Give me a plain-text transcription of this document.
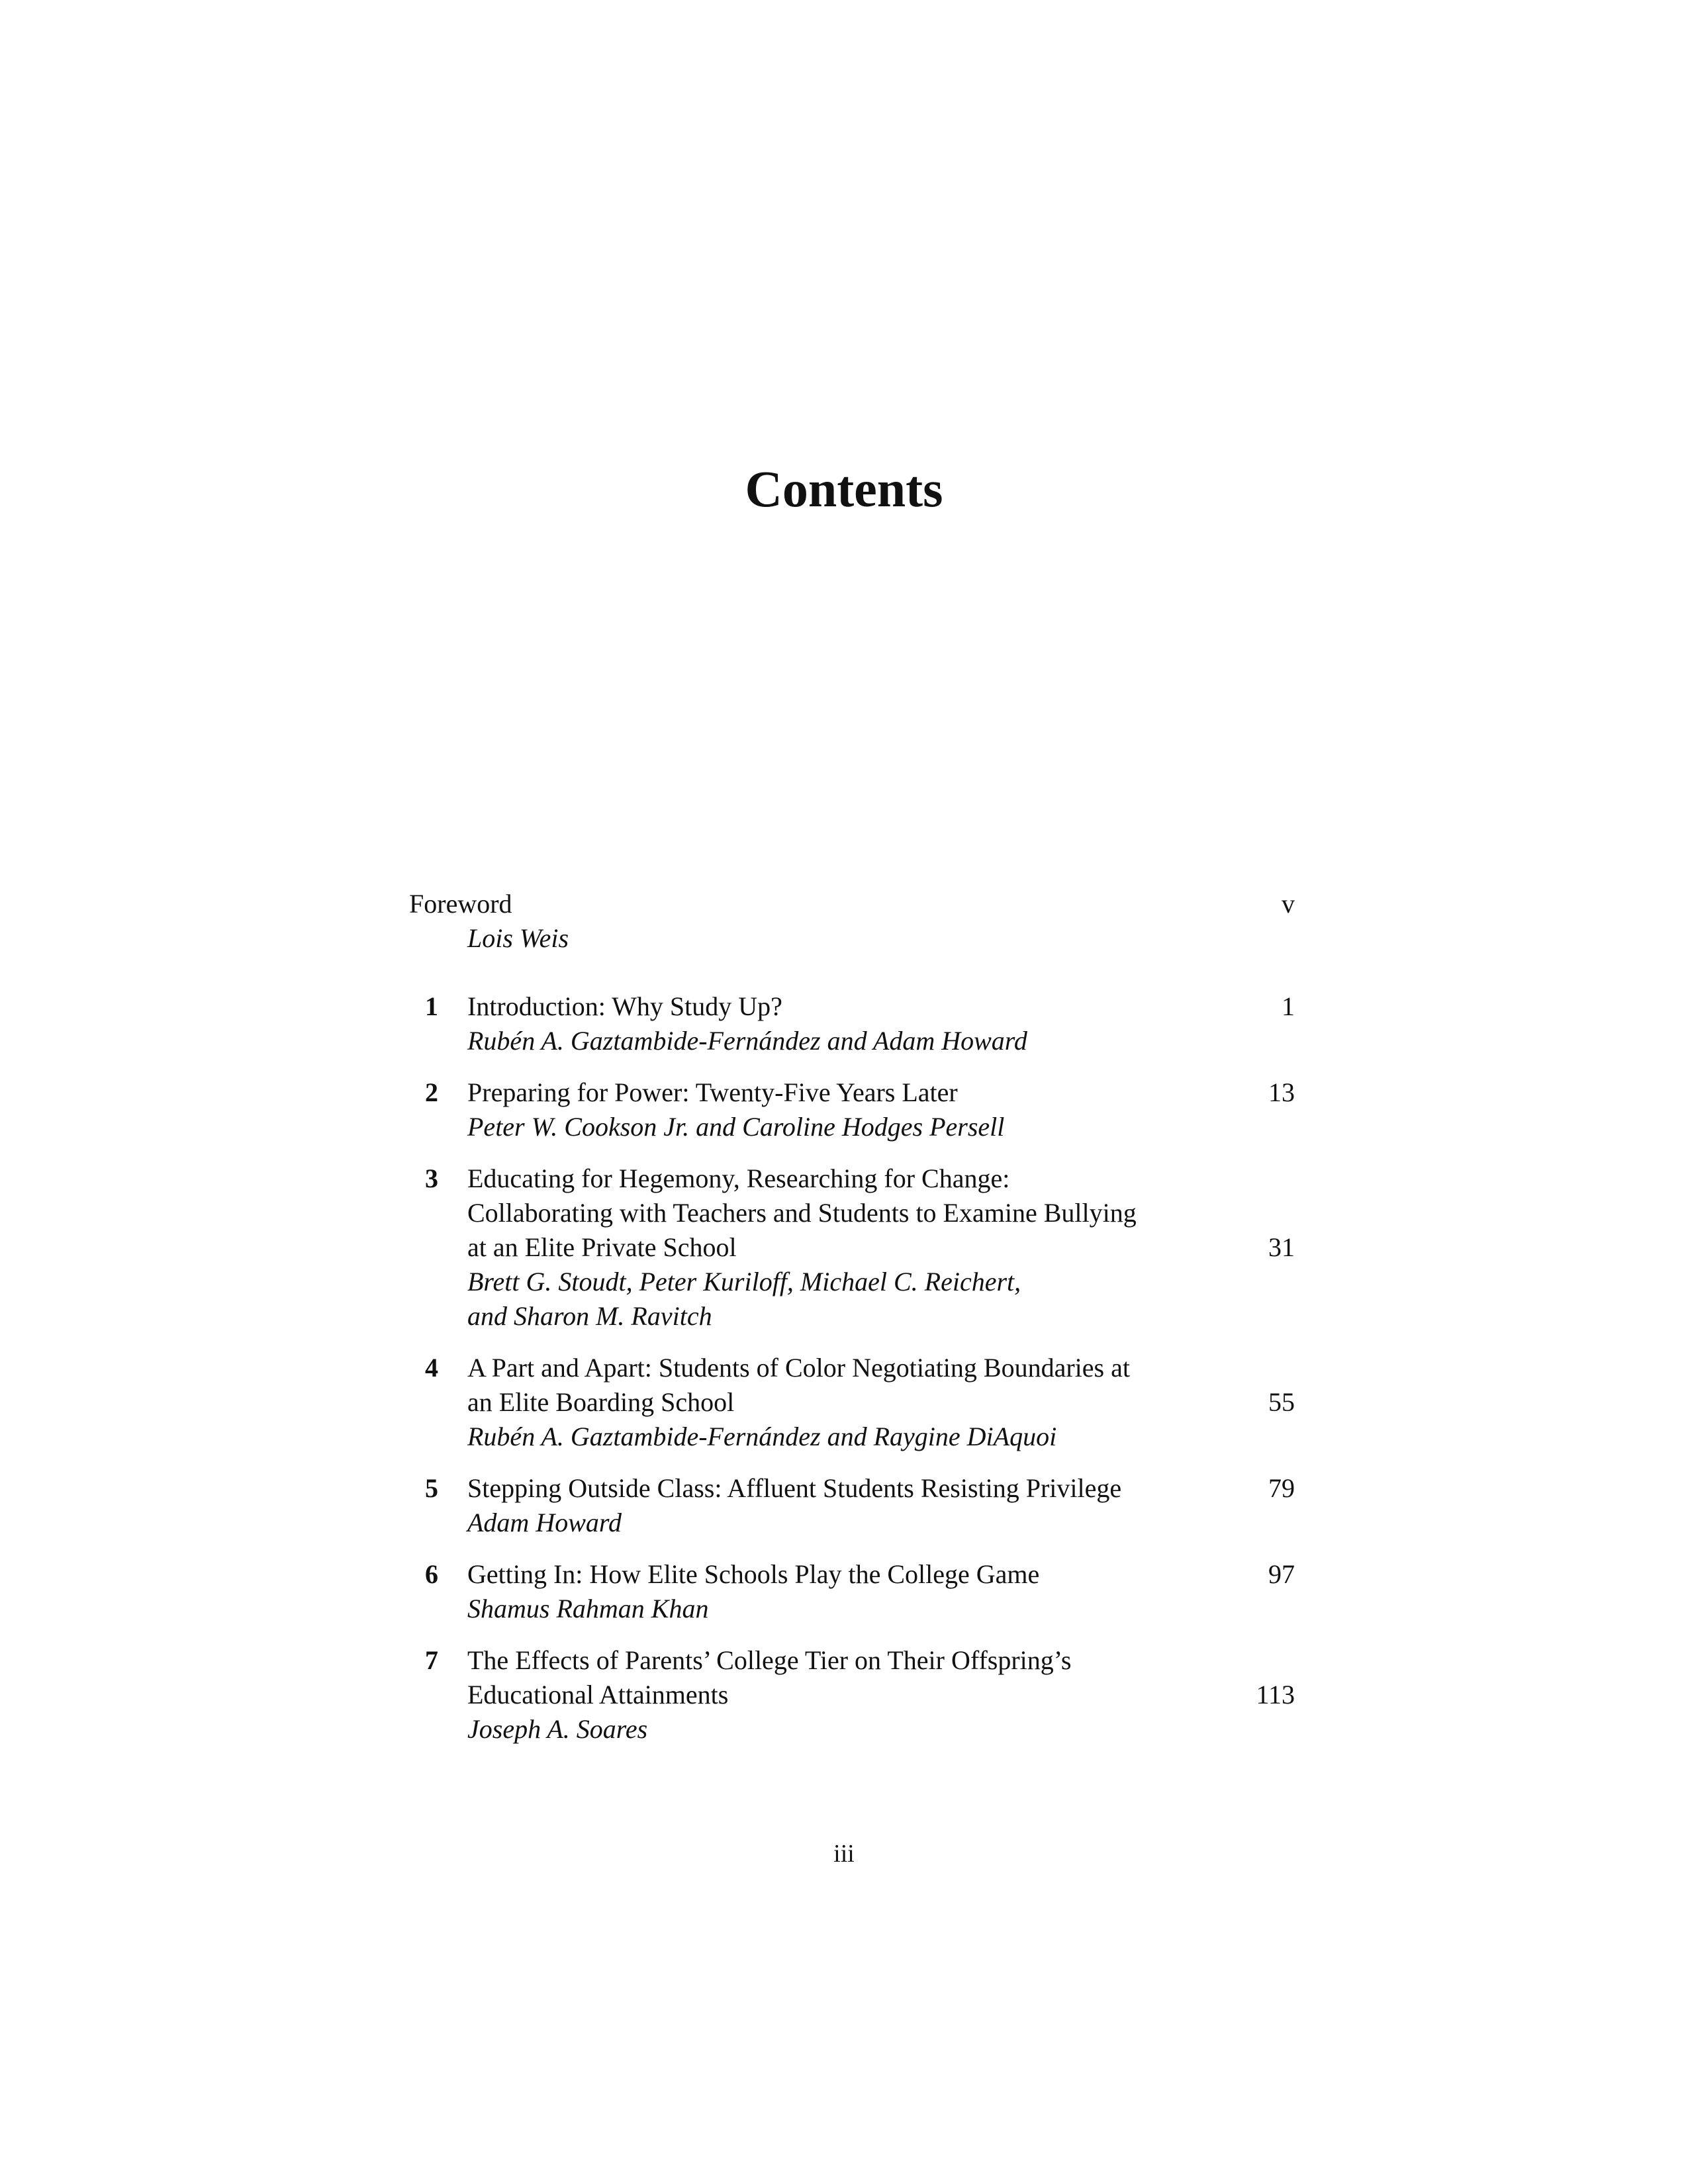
Contents
Foreword
Lois Weis
v
1 Introduction: Why Study Up?
Rubén A. Gaztambide-Fernández and Adam Howard
1
2 Preparing for Power: Twenty-Five Years Later
Peter W. Cookson Jr. and Caroline Hodges Persell
13
3 Educating for Hegemony, Researching for Change:
Collaborating with Teachers and Students to Examine Bullying
at an Elite Private School
Brett G. Stoudt, Peter Kuriloff, Michael C. Reichert,
and Sharon M. Ravitch
31
4 A Part and Apart: Students of Color Negotiating Boundaries at
an Elite Boarding School
Rubén A. Gaztambide-Fernández and Raygine DiAquoi
55
5 Stepping Outside Class: Affluent Students Resisting Privilege
Adam Howard
79
6 Getting In: How Elite Schools Play the College Game
Shamus Rahman Khan
97
7 The Effects of Parents’ College Tier on Their Offspring’s
Educational Attainments
Joseph A. Soares
113
iii
